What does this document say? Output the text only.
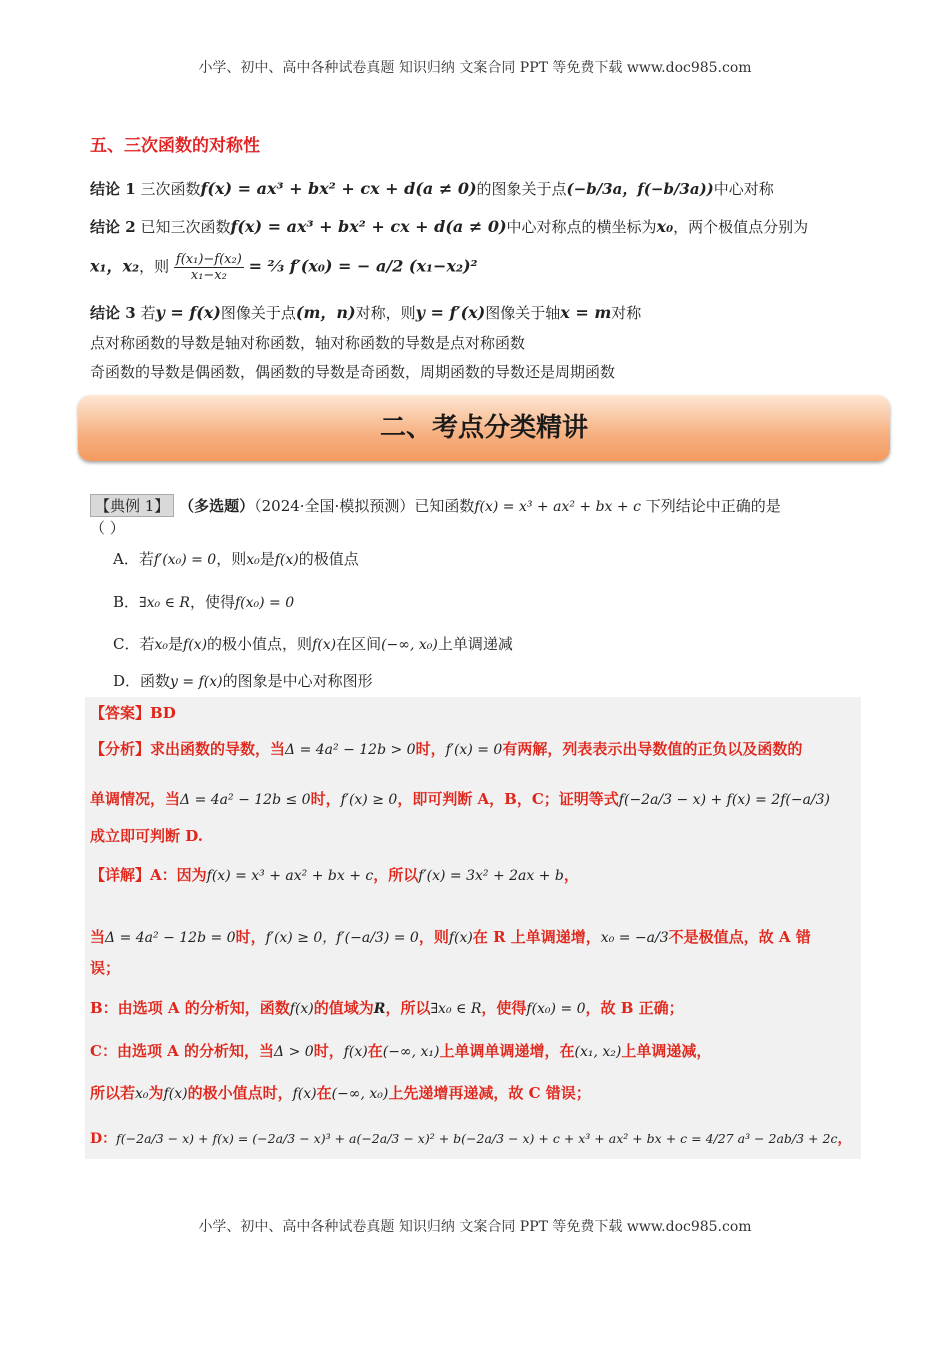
小学、初中、高中各种试卷真题 知识归纳 文案合同 PPT 等免费下载 www.doc985.com
五、三次函数的对称性
结论 1 三次函数f(x) = ax³ + bx² + cx + d(a ≠ 0)的图象关于点(−b/3a，f(−b/3a))中心对称
结论 2 已知三次函数f(x) = ax³ + bx² + cx + d(a ≠ 0)中心对称点的横坐标为x₀，两个极值点分别为
x₁，x₂，则 $\frac{\text{f(x₁)−f(x₂)}}{\text{x₁−x₂}}$ = ⅔ f′(x₀) = − a/2 (x₁−x₂)²
结论 3 若y = f(x)图像关于点(m，n)对称，则y = f′(x)图像关于轴x = m对称
点对称函数的导数是轴对称函数，轴对称函数的导数是点对称函数
奇函数的导数是偶函数，偶函数的导数是奇函数，周期函数的导数还是周期函数
二、考点分类精讲
【典例 1】 （多选题）（2024·全国·模拟预测）已知函数f(x) = x³ + ax² + bx + c 下列结论中正确的是
（ ）
A．若f′(x₀) = 0，则x₀是f(x)的极值点
B．∃x₀ ∈ R，使得f(x₀) = 0
C．若x₀是f(x)的极小值点，则f(x)在区间(−∞, x₀)上单调递减
D．函数y = f(x)的图象是中心对称图形
【答案】BD
【分析】求出函数的导数，当Δ = 4a² − 12b > 0时，f′(x) = 0有两解，列表表示出导数值的正负以及函数的
单调情况，当Δ = 4a² − 12b ≤ 0时，f′(x) ≥ 0，即可判断 A，B，C；证明等式f(−2a/3 − x) + f(x) = 2f(−a/3)
成立即可判断 D.
【详解】A：因为f(x) = x³ + ax² + bx + c，所以f′(x) = 3x² + 2ax + b，
当Δ = 4a² − 12b = 0时，f′(x) ≥ 0，f′(−a/3) = 0，则f(x)在 R 上单调递增，x₀ = −a/3不是极值点，故 A 错
误；
B：由选项 A 的分析知，函数f(x)的值域为R，所以∃x₀ ∈ R，使得f(x₀) = 0，故 B 正确；
C：由选项 A 的分析知，当Δ > 0时，f(x)在(−∞, x₁)上单调单调递增，在(x₁, x₂)上单调递减，
所以若x₀为f(x)的极小值点时，f(x)在(−∞, x₀)上先递增再递减，故 C 错误；
D：f(−2a/3 − x) + f(x) = (−2a/3 − x)³ + a(−2a/3 − x)² + b(−2a/3 − x) + c + x³ + ax² + bx + c = 4/27 a³ − 2ab/3 + 2c，
小学、初中、高中各种试卷真题 知识归纳 文案合同 PPT 等免费下载 www.doc985.com
